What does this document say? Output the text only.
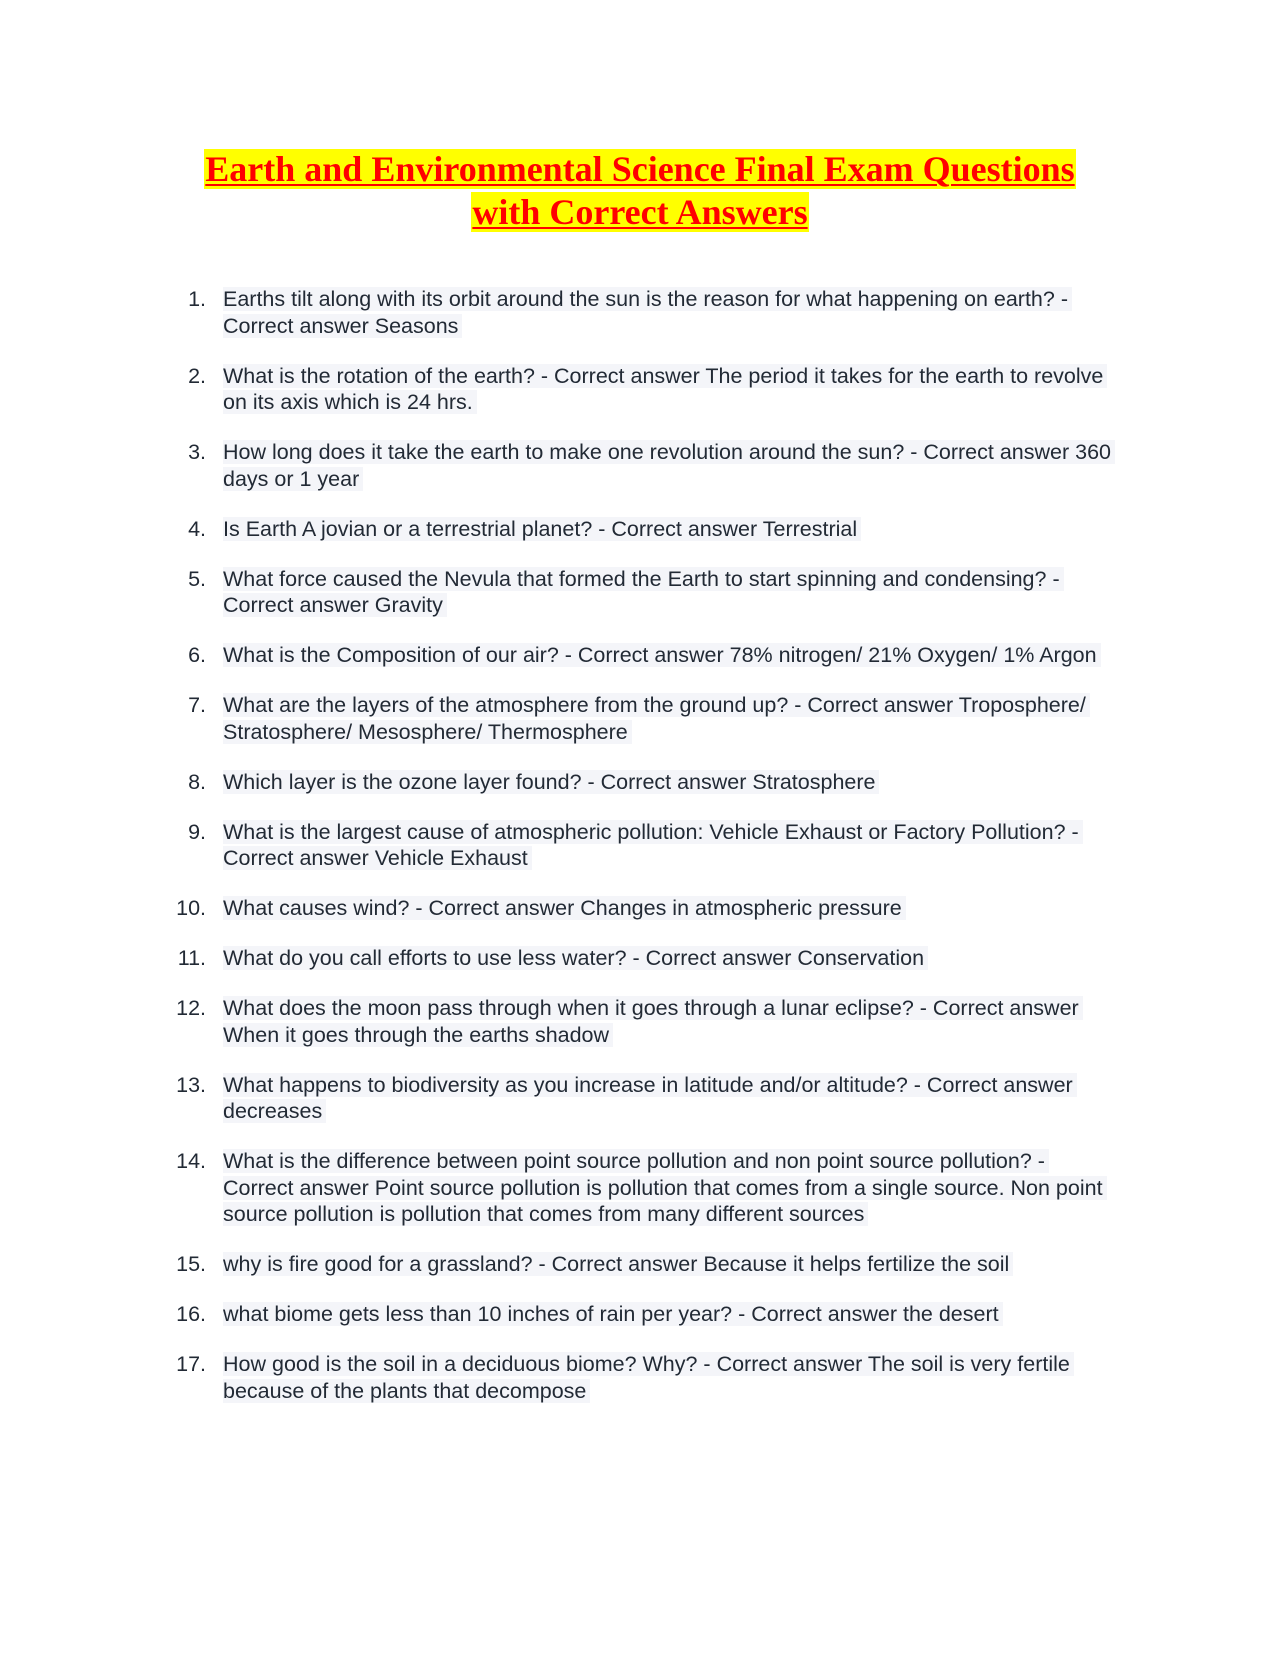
Earth and Environmental Science Final Exam Questions
with Correct Answers
1. Earths tilt along with its orbit around the sun is the reason for what happening on earth? - Correct answer Seasons
2. What is the rotation of the earth? - Correct answer The period it takes for the earth to revolve on its axis which is 24 hrs.
3. How long does it take the earth to make one revolution around the sun? - Correct answer 360 days or 1 year
4. Is Earth A jovian or a terrestrial planet? - Correct answer Terrestrial
5. What force caused the Nevula that formed the Earth to start spinning and condensing? - Correct answer Gravity
6. What is the Composition of our air? - Correct answer 78% nitrogen/ 21% Oxygen/ 1% Argon
7. What are the layers of the atmosphere from the ground up? - Correct answer Troposphere/ Stratosphere/ Mesosphere/ Thermosphere
8. Which layer is the ozone layer found? - Correct answer Stratosphere
9. What is the largest cause of atmospheric pollution: Vehicle Exhaust or Factory Pollution? - Correct answer Vehicle Exhaust
10. What causes wind? - Correct answer Changes in atmospheric pressure
11. What do you call efforts to use less water? - Correct answer Conservation
12. What does the moon pass through when it goes through a lunar eclipse? - Correct answer When it goes through the earths shadow
13. What happens to biodiversity as you increase in latitude and/or altitude? - Correct answer decreases
14. What is the difference between point source pollution and non point source pollution? - Correct answer Point source pollution is pollution that comes from a single source. Non point source pollution is pollution that comes from many different sources
15. why is fire good for a grassland? - Correct answer Because it helps fertilize the soil
16. what biome gets less than 10 inches of rain per year? - Correct answer the desert
17. How good is the soil in a deciduous biome? Why? - Correct answer The soil is very fertile because of the plants that decompose
